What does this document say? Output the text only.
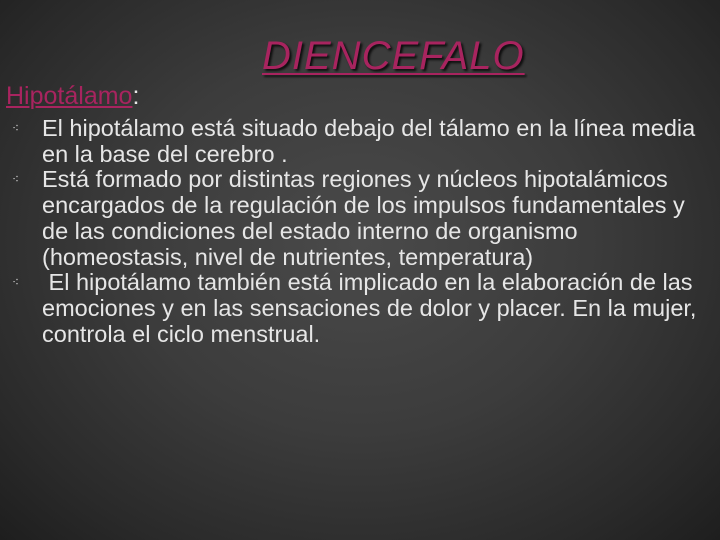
DIENCEFALO

Hipotálamo:

⁖ El hipotálamo está situado debajo del tálamo en la línea media en la base del cerebro .
⁖ Está formado por distintas regiones y núcleos hipotalámicos encargados de la regulación de los impulsos fundamentales y de las condiciones del estado interno de organismo (homeostasis, nivel de nutrientes, temperatura)
⁖ El hipotálamo también está implicado en la elaboración de las emociones y en las sensaciones de dolor y placer. En la mujer, controla el ciclo menstrual.
